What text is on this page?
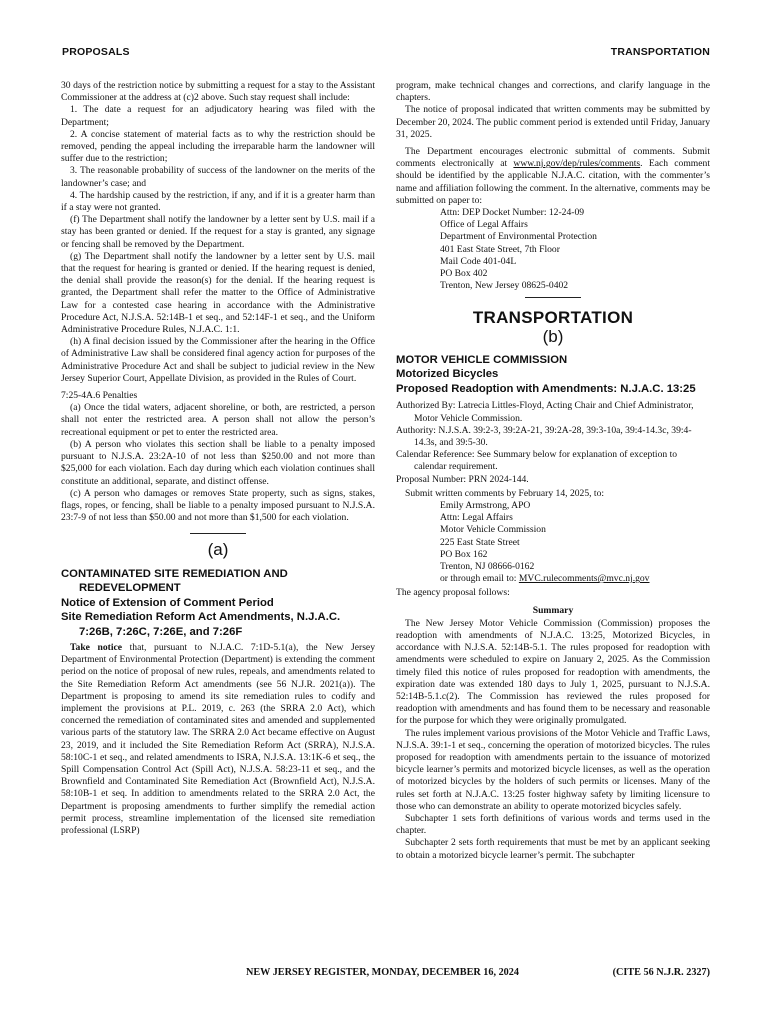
PROPOSALS	TRANSPORTATION

30 days of the restriction notice by submitting a request for a stay to the Assistant Commissioner at the address at (c)2 above. Such stay request shall include:

1. The date a request for an adjudicatory hearing was filed with the Department;

2. A concise statement of material facts as to why the restriction should be removed, pending the appeal including the irreparable harm the landowner will suffer due to the restriction;

3. The reasonable probability of success of the landowner on the merits of the landowner’s case; and

4. The hardship caused by the restriction, if any, and if it is a greater harm than if a stay were not granted.

(f) The Department shall notify the landowner by a letter sent by U.S. mail if a stay has been granted or denied. If the request for a stay is granted, any signage or fencing shall be removed by the Department.

(g) The Department shall notify the landowner by a letter sent by U.S. mail that the request for hearing is granted or denied. If the hearing request is denied, the denial shall provide the reason(s) for the denial. If the hearing request is granted, the Department shall refer the matter to the Office of Administrative Law for a contested case hearing in accordance with the Administrative Procedure Act, N.J.S.A. 52:14B-1 et seq., and 52:14F-1 et seq., and the Uniform Administrative Procedure Rules, N.J.A.C. 1:1.

(h) A final decision issued by the Commissioner after the hearing in the Office of Administrative Law shall be considered final agency action for purposes of the Administrative Procedure Act and shall be subject to judicial review in the New Jersey Superior Court, Appellate Division, as provided in the Rules of Court.

7:25-4A.6 Penalties

(a) Once the tidal waters, adjacent shoreline, or both, are restricted, a person shall not enter the restricted area. A person shall not allow the person’s recreational equipment or pet to enter the restricted area.

(b) A person who violates this section shall be liable to a penalty imposed pursuant to N.J.S.A. 23:2A-10 of not less than $250.00 and not more than $25,000 for each violation. Each day during which each violation continues shall constitute an additional, separate, and distinct offense.

(c) A person who damages or removes State property, such as signs, stakes, flags, ropes, or fencing, shall be liable to a penalty imposed pursuant to N.J.S.A. 23:7-9 of not less than $50.00 and not more than $1,500 for each violation.

(a)

CONTAMINATED SITE REMEDIATION AND REDEVELOPMENT

Notice of Extension of Comment Period

Site Remediation Reform Act Amendments, N.J.A.C. 7:26B, 7:26C, 7:26E, and 7:26F

Take notice that, pursuant to N.J.A.C. 7:1D-5.1(a), the New Jersey Department of Environmental Protection (Department) is extending the comment period on the notice of proposal of new rules, repeals, and amendments related to the Site Remediation Reform Act amendments (see 56 N.J.R. 2021(a)). The Department is proposing to amend its site remediation rules to codify and implement the provisions at P.L. 2019, c. 263 (the SRRA 2.0 Act), which concerned the remediation of contaminated sites and amended and supplemented various parts of the statutory law. The SRRA 2.0 Act became effective on August 23, 2019, and it included the Site Remediation Reform Act (SRRA), N.J.S.A. 58:10C-1 et seq., and related amendments to ISRA, N.J.S.A. 13:1K-6 et seq., the Spill Compensation Control Act (Spill Act), N.J.S.A. 58:23-11 et seq., and the Brownfield and Contaminated Site Remediation Act (Brownfield Act), N.J.S.A. 58:10B-1 et seq. In addition to amendments related to the SRRA 2.0 Act, the Department is proposing amendments to further simplify the remedial action permit process, streamline implementation of the licensed site remediation professional (LSRP)

program, make technical changes and corrections, and clarify language in the chapters.

The notice of proposal indicated that written comments may be submitted by December 20, 2024. The public comment period is extended until Friday, January 31, 2025.

The Department encourages electronic submittal of comments. Submit comments electronically at www.nj.gov/dep/rules/comments. Each comment should be identified by the applicable N.J.A.C. citation, with the commenter’s name and affiliation following the comment. In the alternative, comments may be submitted on paper to:

Attn: DEP Docket Number: 12-24-09

Office of Legal Affairs

Department of Environmental Protection

401 East State Street, 7th Floor

Mail Code 401-04L

PO Box 402

Trenton, New Jersey 08625-0402

TRANSPORTATION
(b)

MOTOR VEHICLE COMMISSION

Motorized Bicycles

Proposed Readoption with Amendments: N.J.A.C. 13:25

Authorized By: Latrecia Littles-Floyd, Acting Chair and Chief Administrator, Motor Vehicle Commission.

Authority: N.J.S.A. 39:2-3, 39:2A-21, 39:2A-28, 39:3-10a, 39:4-14.3c, 39:4-14.3s, and 39:5-30.

Calendar Reference: See Summary below for explanation of exception to calendar requirement.

Proposal Number: PRN 2024-144.

Submit written comments by February 14, 2025, to:

Emily Armstrong, APO

Attn: Legal Affairs

Motor Vehicle Commission

225 East State Street

PO Box 162

Trenton, NJ 08666-0162

or through email to: MVC.rulecomments@mvc.nj.gov

The agency proposal follows:

Summary

The New Jersey Motor Vehicle Commission (Commission) proposes the readoption with amendments of N.J.A.C. 13:25, Motorized Bicycles, in accordance with N.J.S.A. 52:14B-5.1. The rules proposed for readoption with amendments were scheduled to expire on January 2, 2025. As the Commission timely filed this notice of rules proposed for readoption with amendments, the expiration date was extended 180 days to July 1, 2025, pursuant to N.J.S.A. 52:14B-5.1.c(2). The Commission has reviewed the rules proposed for readoption with amendments and has found them to be necessary and reasonable for the purpose for which they were originally promulgated.

The rules implement various provisions of the Motor Vehicle and Traffic Laws, N.J.S.A. 39:1-1 et seq., concerning the operation of motorized bicycles. The rules proposed for readoption with amendments pertain to the issuance of motorized bicycle learner’s permits and motorized bicycle licenses, as well as the operation of motorized bicycles by the holders of such permits or licenses. Many of the rules set forth at N.J.A.C. 13:25 foster highway safety by limiting licensure to those who can demonstrate an ability to operate motorized bicycles safely.

Subchapter 1 sets forth definitions of various words and terms used in the chapter.

Subchapter 2 sets forth requirements that must be met by an applicant seeking to obtain a motorized bicycle learner’s permit. The subchapter

NEW JERSEY REGISTER, MONDAY, DECEMBER 16, 2024	(CITE 56 N.J.R. 2327)
